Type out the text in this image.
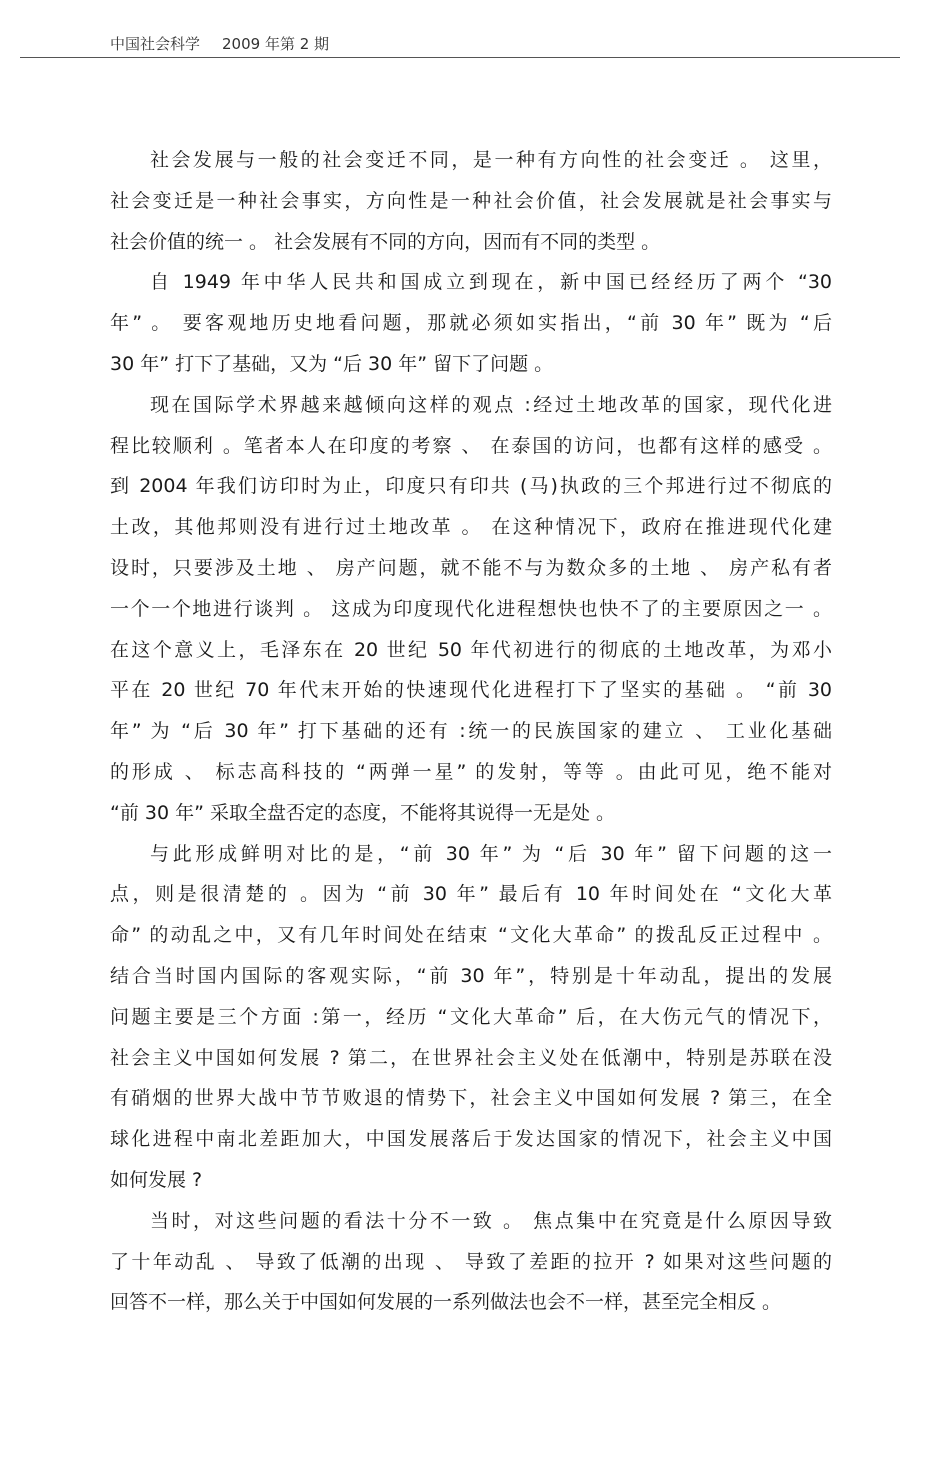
中国社会科学 2009 年第 2 期
社会发展与一般的社会变迁不同，是一种有方向性的社会变迁 。 这里，
社会变迁是一种社会事实，方向性是一种社会价值，社会发展就是社会事实与
社会价值的统一 。 社会发展有不同的方向，因而有不同的类型 。
自 1949 年中华人民共和国成立到现在，新中国已经经历了两个 “30
年” 。 要客观地历史地看问题，那就必须如实指出，“前 30 年” 既为 “后
30 年” 打下了基础，又为 “后 30 年” 留下了问题 。
现在国际学术界越来越倾向这样的观点 :经过土地改革的国家，现代化进
程比较顺利 。笔者本人在印度的考察 、 在泰国的访问，也都有这样的感受 。
到 2004 年我们访印时为止，印度只有印共 (马)执政的三个邦进行过不彻底的
土改，其他邦则没有进行过土地改革 。 在这种情况下，政府在推进现代化建
设时，只要涉及土地 、 房产问题，就不能不与为数众多的土地 、 房产私有者
一个一个地进行谈判 。 这成为印度现代化进程想快也快不了的主要原因之一 。
在这个意义上，毛泽东在 20 世纪 50 年代初进行的彻底的土地改革，为邓小
平在 20 世纪 70 年代末开始的快速现代化进程打下了坚实的基础 。 “前 30
年” 为 “后 30 年” 打下基础的还有 :统一的民族国家的建立 、 工业化基础
的形成 、 标志高科技的 “两弹一星” 的发射，等等 。由此可见，绝不能对
“前 30 年” 采取全盘否定的态度，不能将其说得一无是处 。
与此形成鲜明对比的是，“前 30 年” 为 “后 30 年” 留下问题的这一
点，则是很清楚的 。因为 “前 30 年” 最后有 10 年时间处在 “文化大革
命” 的动乱之中，又有几年时间处在结束 “文化大革命” 的拨乱反正过程中 。
结合当时国内国际的客观实际，“前 30 年”，特别是十年动乱，提出的发展
问题主要是三个方面 :第一，经历 “文化大革命” 后，在大伤元气的情况下，
社会主义中国如何发展 ? 第二，在世界社会主义处在低潮中，特别是苏联在没
有硝烟的世界大战中节节败退的情势下，社会主义中国如何发展 ? 第三，在全
球化进程中南北差距加大，中国发展落后于发达国家的情况下，社会主义中国
如何发展 ?
当时，对这些问题的看法十分不一致 。 焦点集中在究竟是什么原因导致
了十年动乱 、 导致了低潮的出现 、 导致了差距的拉开 ? 如果对这些问题的
回答不一样，那么关于中国如何发展的一系列做法也会不一样，甚至完全相反 。
